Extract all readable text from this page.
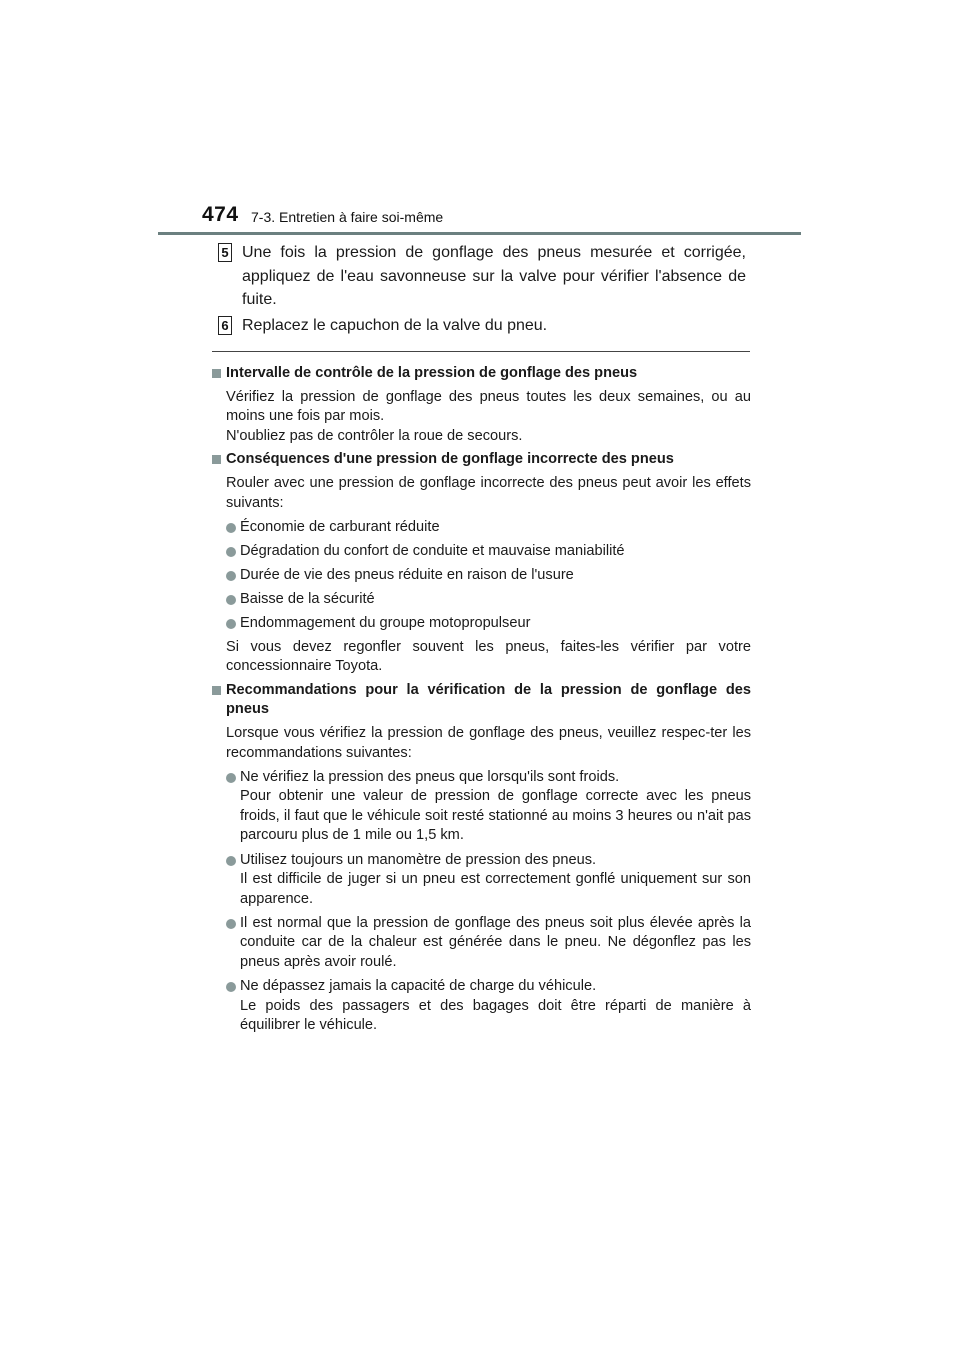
474 7-3. Entretien à faire soi-même
5 Une fois la pression de gonflage des pneus mesurée et corrigée, appliquez de l'eau savonneuse sur la valve pour vérifier l'absence de fuite.
6 Replacez le capuchon de la valve du pneu.
Intervalle de contrôle de la pression de gonflage des pneus
Vérifiez la pression de gonflage des pneus toutes les deux semaines, ou au moins une fois par mois.
N'oubliez pas de contrôler la roue de secours.
Conséquences d'une pression de gonflage incorrecte des pneus
Rouler avec une pression de gonflage incorrecte des pneus peut avoir les effets suivants:
Économie de carburant réduite
Dégradation du confort de conduite et mauvaise maniabilité
Durée de vie des pneus réduite en raison de l'usure
Baisse de la sécurité
Endommagement du groupe motopropulseur
Si vous devez regonfler souvent les pneus, faites-les vérifier par votre concessionnaire Toyota.
Recommandations pour la vérification de la pression de gonflage des pneus
Lorsque vous vérifiez la pression de gonflage des pneus, veuillez respec-ter les recommandations suivantes:
Ne vérifiez la pression des pneus que lorsqu'ils sont froids.
Pour obtenir une valeur de pression de gonflage correcte avec les pneus froids, il faut que le véhicule soit resté stationné au moins 3 heures ou n'ait pas parcouru plus de 1 mile ou 1,5 km.
Utilisez toujours un manomètre de pression des pneus.
Il est difficile de juger si un pneu est correctement gonflé uniquement sur son apparence.
Il est normal que la pression de gonflage des pneus soit plus élevée après la conduite car de la chaleur est générée dans le pneu. Ne dégonflez pas les pneus après avoir roulé.
Ne dépassez jamais la capacité de charge du véhicule.
Le poids des passagers et des bagages doit être réparti de manière à équilibrer le véhicule.
